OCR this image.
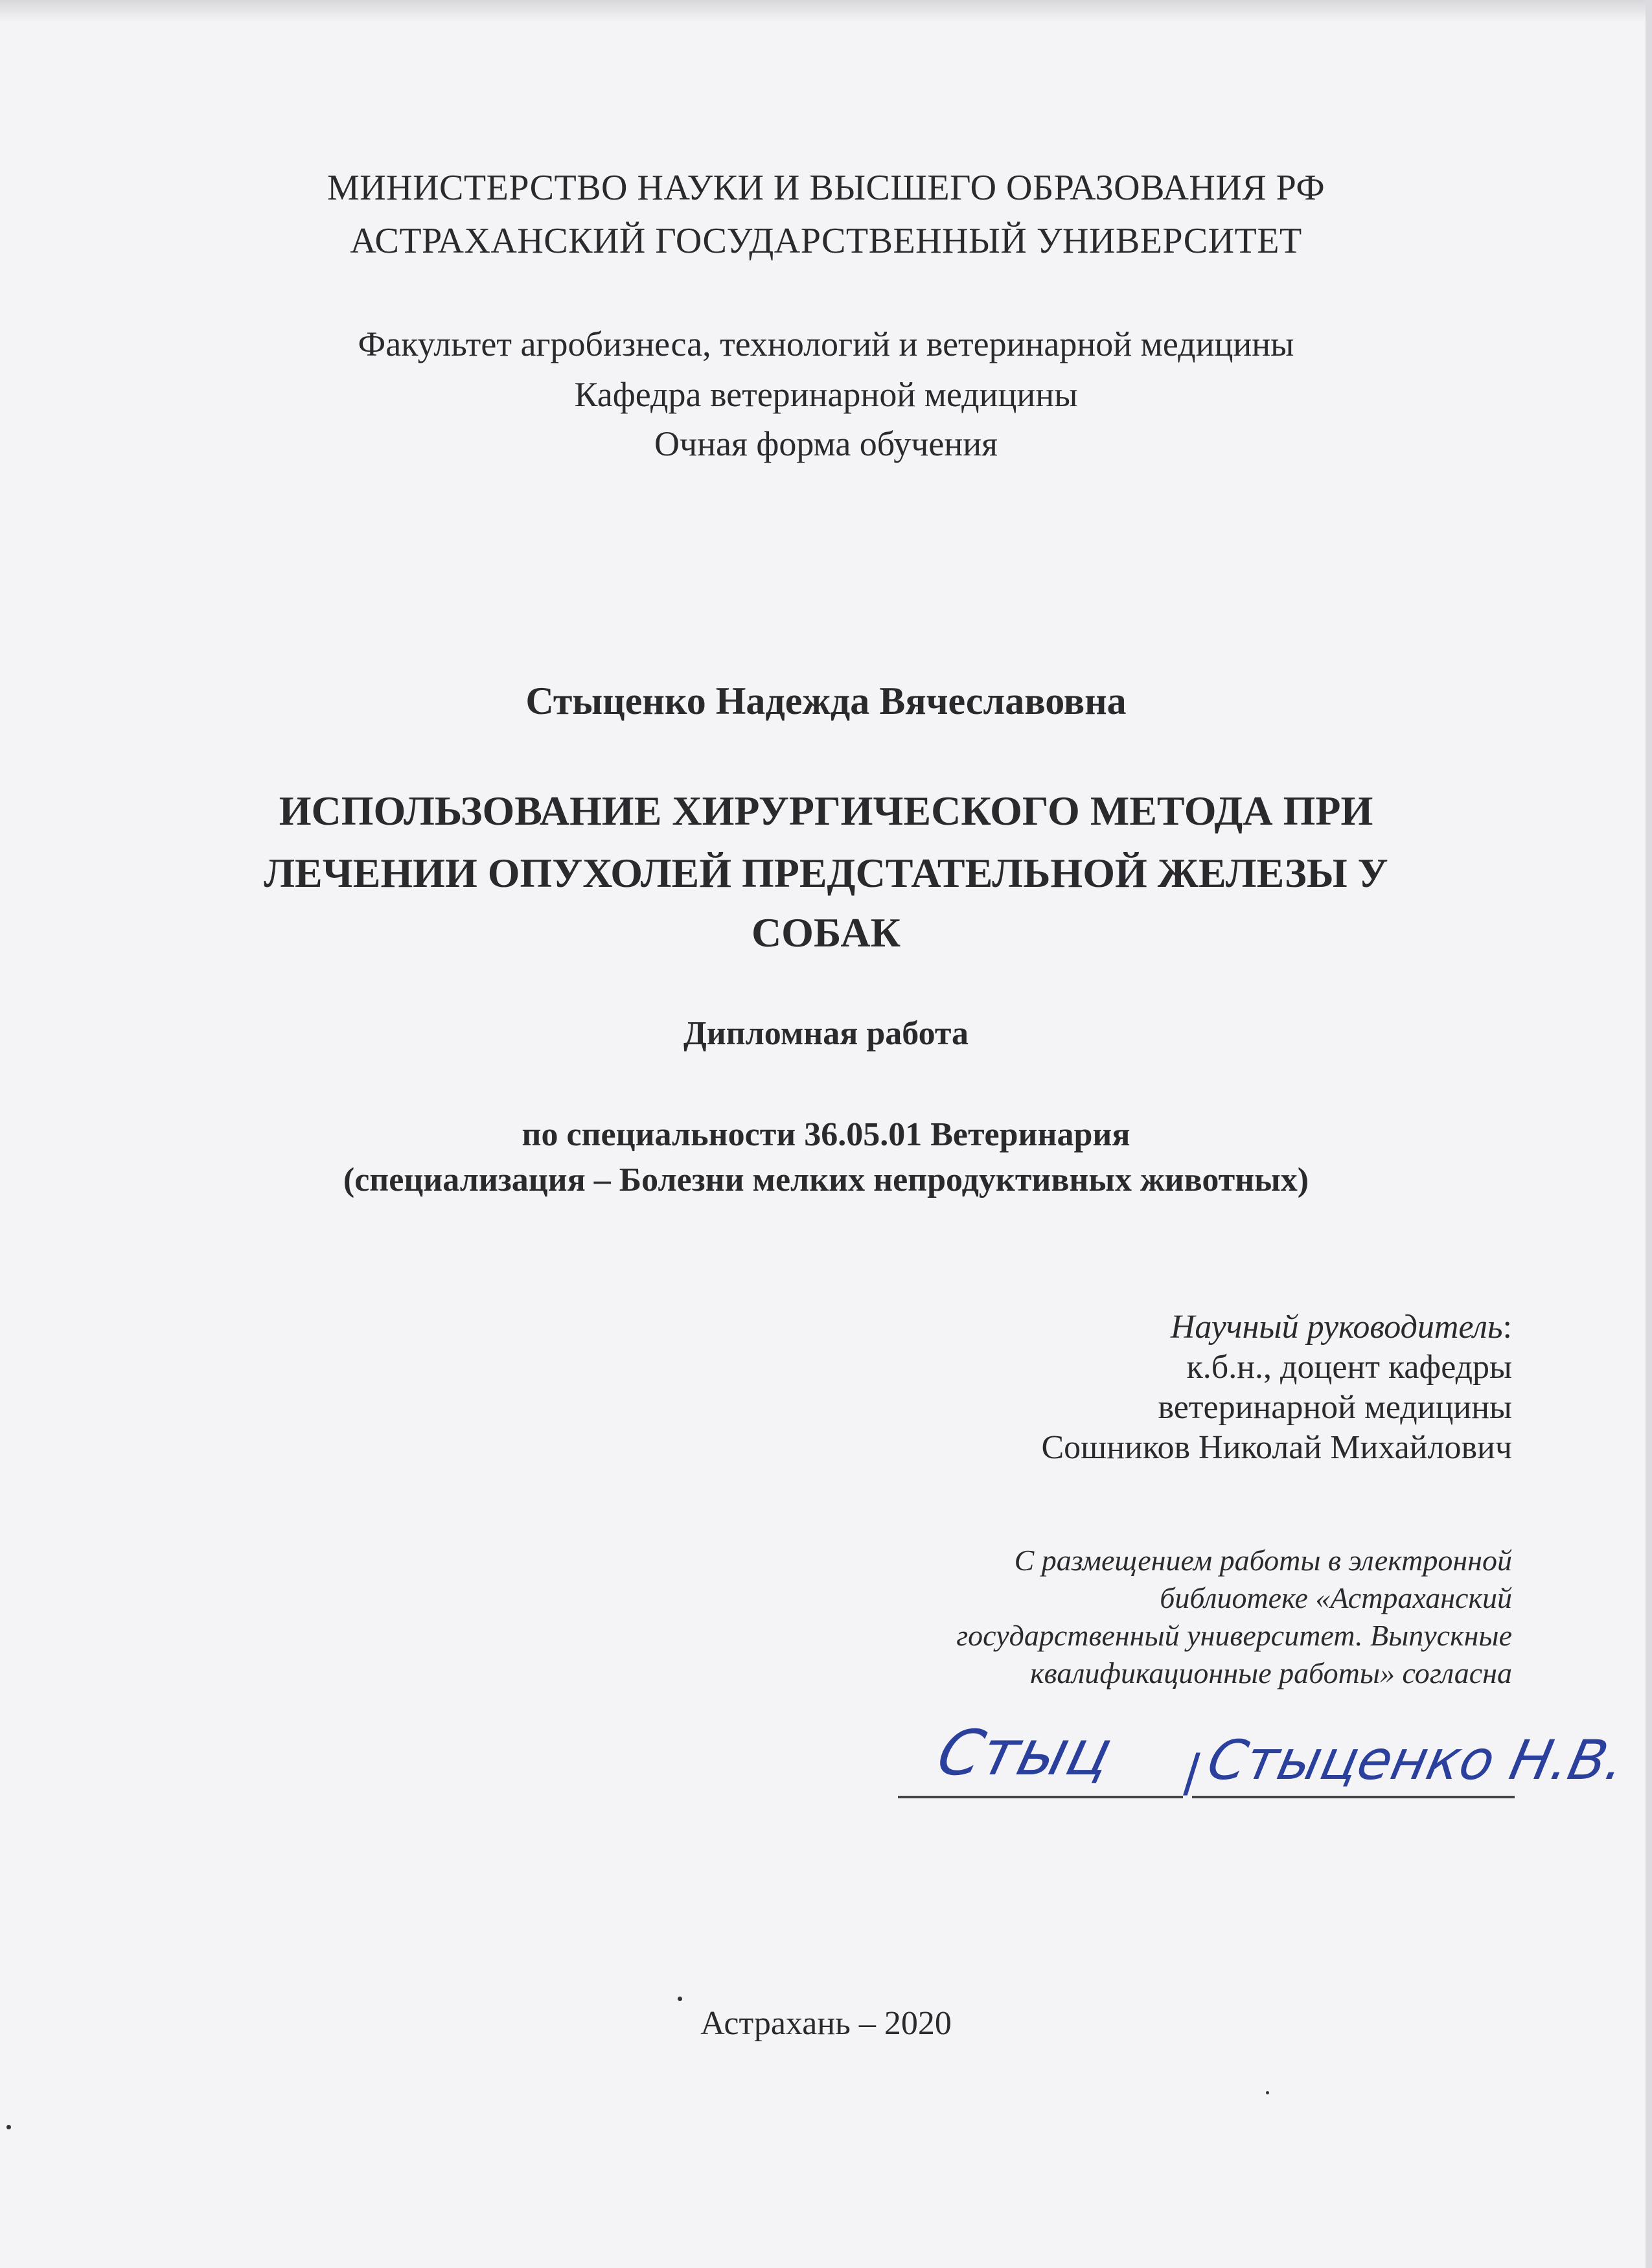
МИНИСТЕРСТВО НАУКИ И ВЫСШЕГО ОБРАЗОВАНИЯ РФ
АСТРАХАНСКИЙ ГОСУДАРСТВЕННЫЙ УНИВЕРСИТЕТ
Факультет агробизнеса, технологий и ветеринарной медицины
Кафедра ветеринарной медицины
Очная форма обучения
Стыценко Надежда Вячеславовна
ИСПОЛЬЗОВАНИЕ ХИРУРГИЧЕСКОГО МЕТОДА ПРИ
ЛЕЧЕНИИ ОПУХОЛЕЙ ПРЕДСТАТЕЛЬНОЙ ЖЕЛЕЗЫ У
СОБАК
Дипломная работа
по специальности 36.05.01 Ветеринария
(специализация – Болезни мелких непродуктивных животных)
Научный руководитель:
к.б.н., доцент кафедры
ветеринарной медицины
Сошников Николай Михайлович
С размещением работы в электронной
библиотеке «Астраханский
государственный университет. Выпускные
квалификационные работы» согласна
Стыц / Стыценко Н.В.
Астрахань – 2020
